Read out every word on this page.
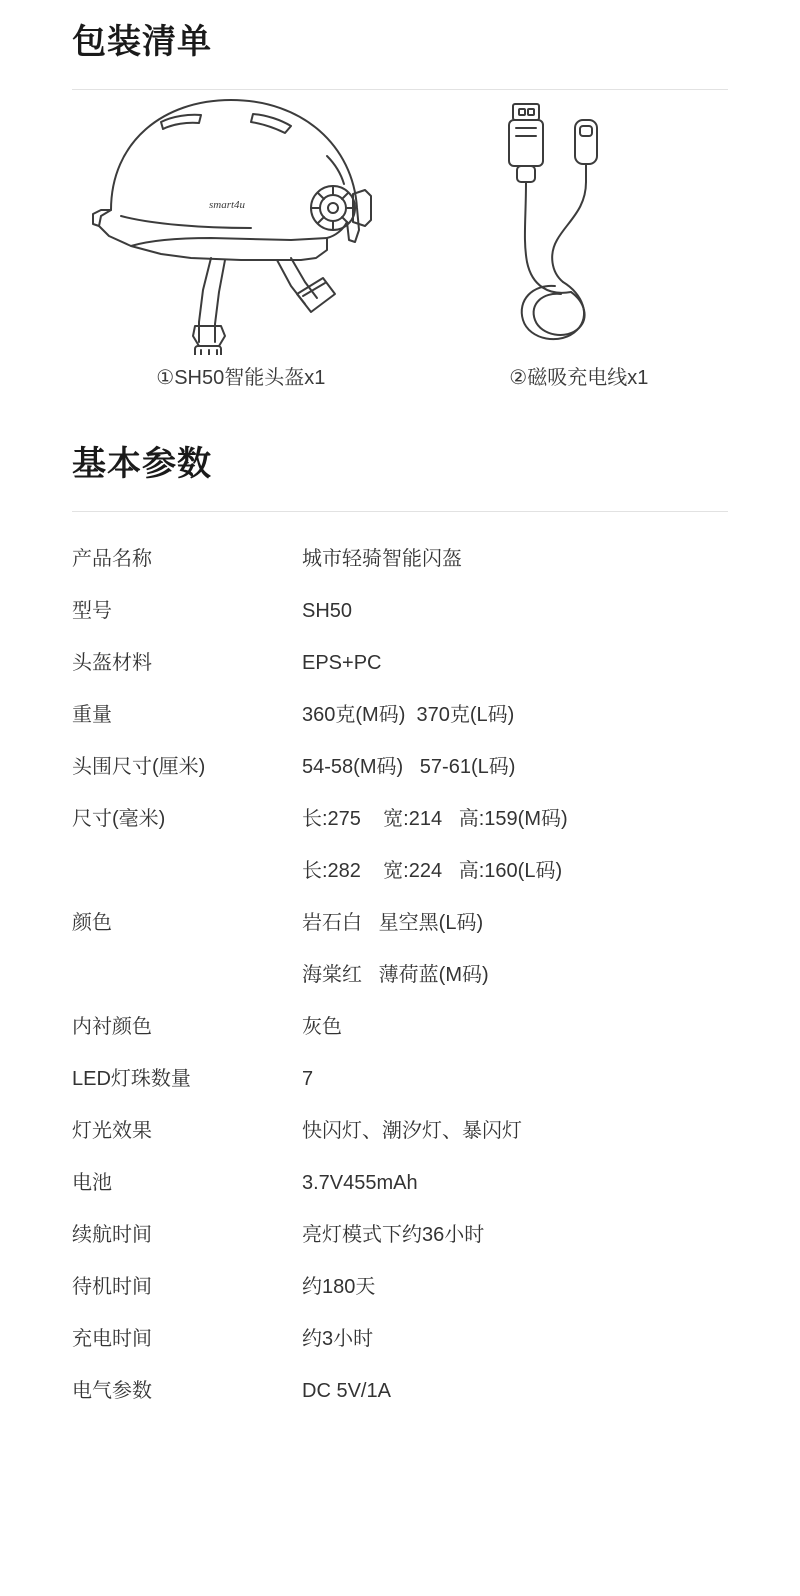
包装清单
smart4u
①SH50智能头盔x1	②磁吸充电线x1
基本参数
产品名称	城市轻骑智能闪盔
型号	SH50
头盔材料	EPS+PC
重量	360克(M码)  370克(L码)
头围尺寸(厘米)	54-58(M码)   57-61(L码)
尺寸(毫米)	长:275    宽:214   高:159(M码)
长:282    宽:224   高:160(L码)
颜色	岩石白   星空黑(L码)
海棠红   薄荷蓝(M码)
内衬颜色	灰色
LED灯珠数量	7
灯光效果	快闪灯、潮汐灯、暴闪灯
电池	3.7V455mAh
续航时间	亮灯模式下约36小时
待机时间	约180天
充电时间	约3小时
电气参数	DC 5V/1A
